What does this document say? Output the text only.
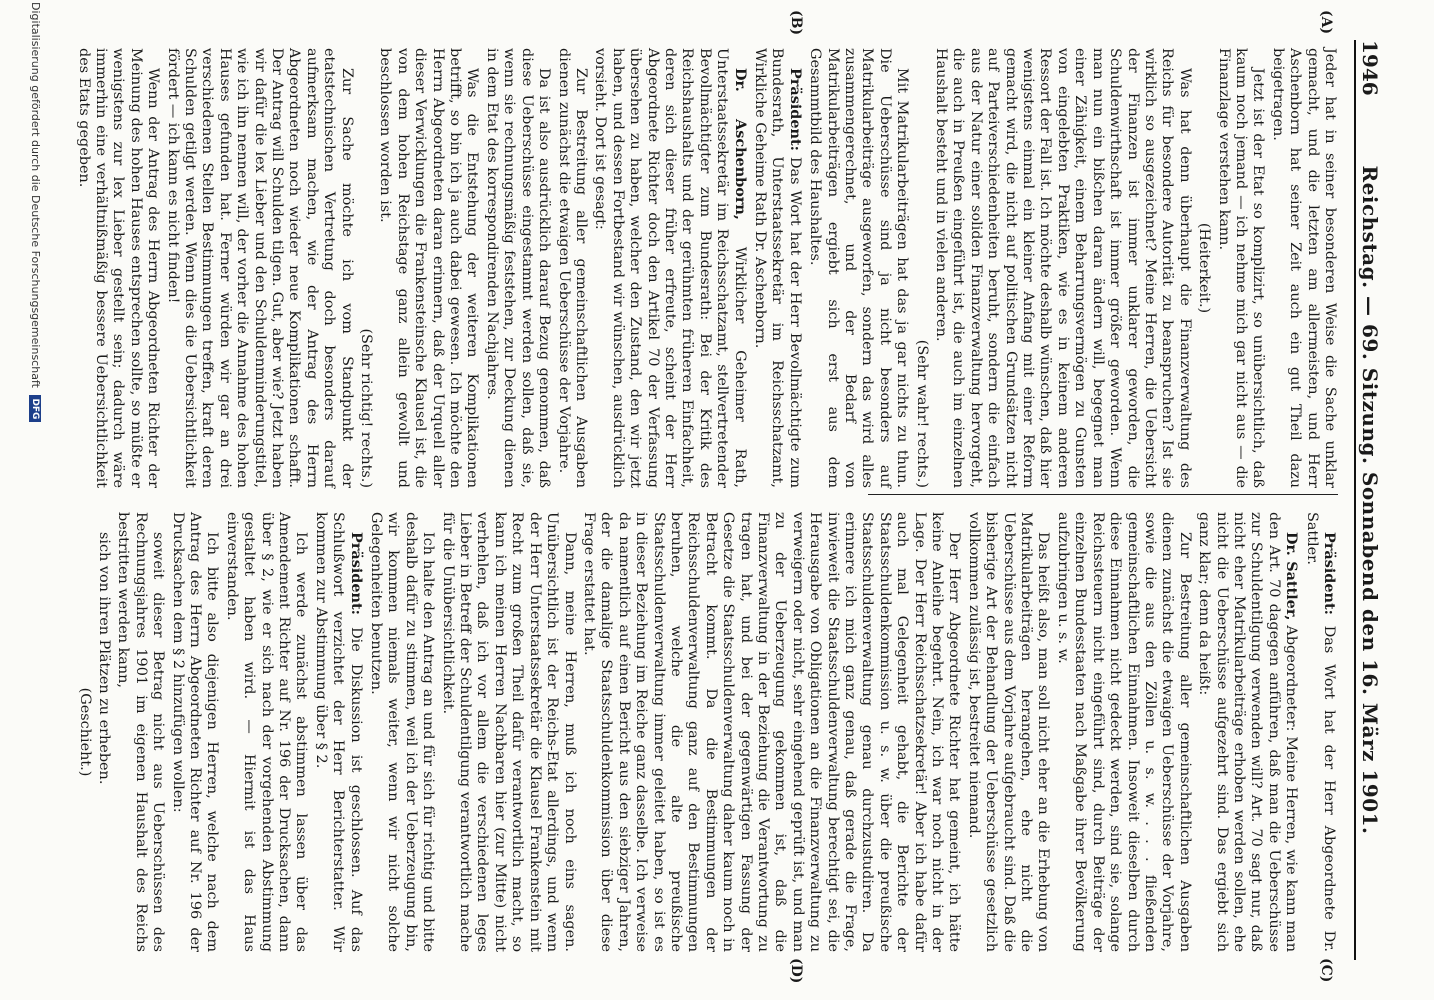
1946
Reichstag. — 69. Sitzung. Sonnabend den 16. März 1901.
(A)
(B)
(C)
(D)

Jeder hat in seiner besonderen Weise die Sache unklar gemacht, und die letzten am allermeisten, und Herr Aschenborn hat seiner Zeit auch ein gut Theil dazu beigetragen.

Jetzt ist der Etat so komplizirt, so unübersichtlich, daß kaum noch jemand — ich nehme mich gar nicht aus — die Finanzlage verstehen kann.

(Heiterkeit.)

Was hat denn überhaupt die Finanzverwaltung des Reichs für besondere Autorität zu beanspruchen? Ist sie wirklich so ausgezeichnet? Meine Herren, die Uebersicht der Finanzen ist immer unklarer geworden, die Schuldenwirthschaft ist immer größer geworden. Wenn man nun ein bißchen daran ändern will, begegnet man einer Zähigkeit, einem Beharrungsvermögen zu Gunsten von eingelebten Praktiken, wie es in keinem anderen Ressort der Fall ist. Ich möchte deshalb wünschen, daß hier wenigstens einmal ein kleiner Anfang mit einer Reform gemacht wird, die nicht auf politischen Grundsätzen nicht auf Parteiverschiedenheiten beruht, sondern die einfach aus der Natur einer soliden Finanzverwaltung hervorgeht, die auch in Preußen eingeführt ist, die auch im einzelnen Haushalt besteht und in vielen anderen.

(Sehr wahr! rechts.)

Mit Matrikularbeiträgen hat das ja gar nichts zu thun. Die Ueberschüsse sind ja nicht besonders auf Matrikularbeiträge ausgeworfen, sondern das wird alles zusammengerechnet, und der Bedarf von Matrikularbeiträgen ergiebt sich erst aus dem Gesammtbild des Haushaltes.

Präsident: Das Wort hat der Herr Bevollmächtigte zum Bundesrath, Unterstaatssekretär im Reichsschatzamt, Wirkliche Geheime Rath Dr. Aschenborn.

Dr. Aschenborn, Wirklicher Geheimer Rath, Unterstaatssekretär im Reichsschatzamt, stellvertretender Bevollmächtigter zum Bundesrath: Bei der Kritik des Reichshaushalts und der gerühmten früheren Einfachheit, deren sich dieser früher erfreute, scheint der Herr Abgeordnete Richter doch den Artikel 70 der Verfassung übersehen zu haben, welcher den Zustand, den wir jetzt haben, und dessen Fortbestand wir wünschen, ausdrücklich vorsieht. Dort ist gesagt:

Zur Bestreitung aller gemeinschaftlichen Ausgaben dienen zunächst die etwaigen Ueberschüsse der Vorjahre.

Da ist also ausdrücklich darauf Bezug genommen, daß diese Ueberschüsse eingestammt werden sollen, daß sie, wenn sie rechnungsmäßig feststehen, zur Deckung dienen in dem Etat des korrespondirenden Nachjahres.

Was die Entstehung der weiteren Komplikationen betrifft, so bin ich ja auch dabei gewesen. Ich möchte den Herrn Abgeordneten daran erinnern, daß der Urquell aller dieser Verwicklungen die Frankensteinsche Klausel ist, die von dem hohen Reichstage ganz allein gewollt und beschlossen worden ist.

(Sehr richtig! rechts.)

Zur Sache möchte ich vom Standpunkt der etatstechnischen Vertretung doch besonders darauf aufmerksam machen, wie der Antrag des Herrn Abgeordneten noch wieder neue Komplikationen schafft. Der Antrag will Schulden tilgen. Gut, aber wie? Jetzt haben wir dafür die lex Lieber und den Schuldenminderungstitel, wie ich ihn nennen will, der vorher die Annahme des hohen Hauses gefunden hat. Ferner würden wir gar an drei verschiedenen Stellen Bestimmungen treffen, kraft deren Schulden getilgt werden. Wenn dies die Uebersichtlichkeit fördert — ich kann es nicht finden!

Wenn der Antrag des Herrn Abgeordneten Richter der Meinung des hohen Hauses entsprechen sollte, so müßte er wenigstens zur lex Lieber gestellt sein; dadurch wäre immerhin eine verhältnißmäßig bessere Uebersichtlichkeit des Etats gegeben.

Präsident: Das Wort hat der Herr Abgeordnete Dr. Sattler.

Dr. Sattler, Abgeordneter: Meine Herren, wie kann man den Art. 70 dagegen anführen, daß man die Ueberschüsse zur Schuldentilgung verwenden will? Art. 70 sagt nur, daß nicht eher Matrikularbeiträge erhoben werden sollen, ehe nicht die Ueberschüsse aufgezehrt sind. Das ergiebt sich ganz klar; denn da heißt:

Zur Bestreitung aller gemeinschaftlichen Ausgaben dienen zunächst die etwaigen Ueberschüsse der Vorjahre, sowie die aus den Zöllen u. s. w. . . . fließenden gemeinschaftlichen Einnahmen. Insoweit dieselben durch diese Einnahmen nicht gedeckt werden, sind sie, solange Reichssteuern nicht eingeführt sind, durch Beiträge der einzelnen Bundesstaaten nach Maßgabe ihrer Bevölkerung aufzubringen u. s. w.

Das heißt also, man soll nicht eher an die Erhebung von Matrikularbeiträgen herangehen, ehe nicht die Ueberschüsse aus dem Vorjahre aufgebraucht sind. Daß die bisherige Art der Behandlung der Ueberschüsse gesetzlich vollkommen zulässig ist, bestreitet niemand.

Der Herr Abgeordnete Richter hat gemeint, ich hätte keine Anleihe begehrt. Nein, ich war noch nicht in der Lage. Der Herr Reichsschatzsekretär! Aber ich habe dafür auch mal Gelegenheit gehabt, die Berichte der Staatsschuldenkommission u. s. w. über die preußische Staatsschuldenverwaltung genau durchzustudiren. Da erinnere ich mich ganz genau, daß gerade die Frage, inwieweit die Staatsschuldenverwaltung berechtigt sei, die Herausgabe von Obligationen an die Finanzverwaltung zu verweigern oder nicht, sehr eingehend geprüft ist, und man zu der Ueberzeugung gekommen ist, daß die Finanzverwaltung in der Beziehung die Verantwortung zu tragen hat, und bei der gegenwärtigen Fassung der Gesetze die Staatsschuldenverwaltung daher kaum noch in Betracht kommt. Da die Bestimmungen der Reichsschuldenverwaltung ganz auf den Bestimmungen beruhen, welche die alte preußische Staatsschuldenverwaltung immer geleitet haben, so ist es in dieser Beziehung im Reiche ganz dasselbe. Ich verweise da namentlich auf einen Bericht aus den siebziger Jahren, der die damalige Staatsschuldenkommission über diese Frage erstattet hat.

Dann, meine Herren, muß ich noch eins sagen. Unübersichtlich ist der Reichs-Etat allerdings, und wenn der Herr Unterstaatssekretär die Klausel Frankenstein mit Recht zum großen Theil dafür verantwortlich macht, so kann ich meinen Herren Nachbaren hier (zur Mitte) nicht verhehlen, daß ich vor allem die verschiedenen leges Lieber in Betreff der Schuldentilgung verantwortlich mache für die Unübersichtlichkeit.

Ich halte den Antrag an und für sich für richtig und bitte deshalb dafür zu stimmen, weil ich der Ueberzeugung bin, wir kommen niemals weiter, wenn wir nicht solche Gelegenheiten benutzen.

Präsident: Die Diskussion ist geschlossen. Auf das Schlußwort verzichtet der Herr Berichterstatter. Wir kommen zur Abstimmung über § 2.

Ich werde zunächst abstimmen lassen über das Amendement Richter auf Nr. 196 der Drucksachen, dann über § 2, wie er sich nach der vorgehenden Abstimmung gestaltet haben wird. — Hiermit ist das Haus einverstanden.

Ich bitte also diejenigen Herren, welche nach dem Antrag des Herrn Abgeordneten Richter auf Nr. 196 der Drucksachen dem § 2 hinzufügen wollen:

soweit dieser Betrag nicht aus Ueberschüssen des Rechnungsjahres 1901 im eigenen Haushalt des Reichs bestritten werden kann,

sich von ihren Plätzen zu erheben.

(Geschieht.)

Digitalisierung gefördert durch die Deutsche Forschungsgemeinschaft DFG
